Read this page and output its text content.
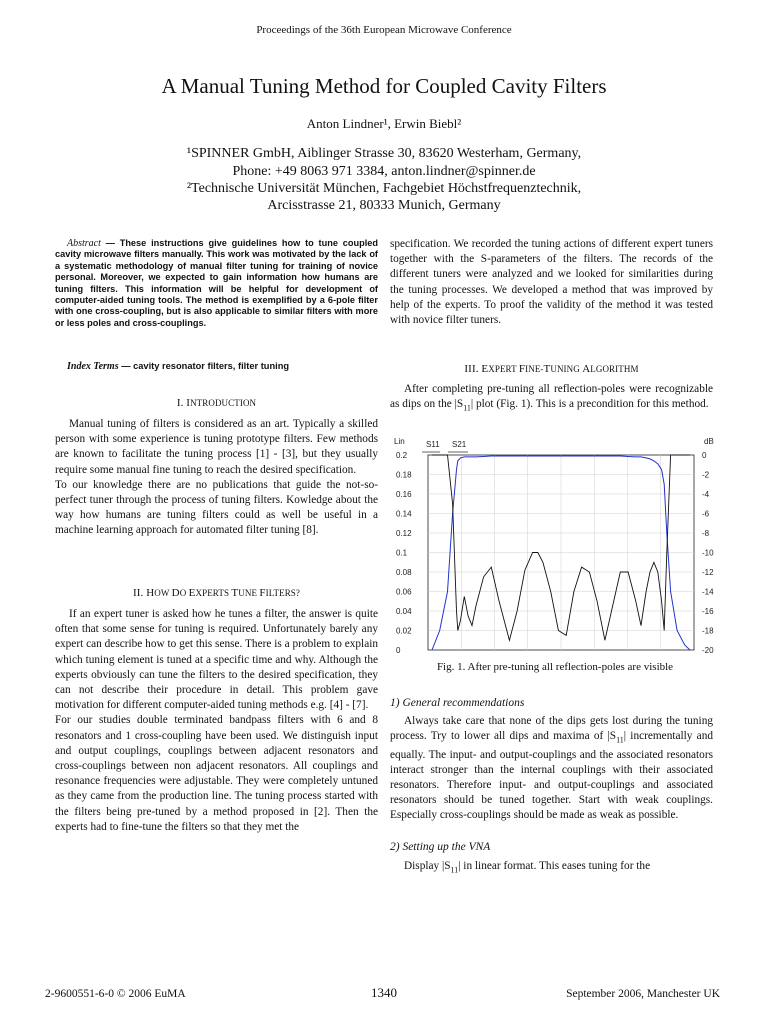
Proceedings of the 36th European Microwave Conference
A Manual Tuning Method for Coupled Cavity Filters
Anton Lindner¹, Erwin Biebl²
¹SPINNER GmbH, Aiblinger Strasse 30, 83620 Westerham, Germany,
Phone: +49 8063 971 3384, anton.lindner@spinner.de
²Technische Universität München, Fachgebiet Höchstfrequenztechnik,
Arcisstrasse 21, 80333 Munich, Germany
Abstract — These instructions give guidelines how to tune coupled cavity microwave filters manually. This work was motivated by the lack of a systematic methodology of manual filter tuning for training of novice personal. Moreover, we expected to gain information how humans are tuning filters. This information will be helpful for development of computer-aided tuning tools. The method is exemplified by a 6-pole filter with one cross-coupling, but is also applicable to similar filters with more or less poles and cross-couplings.
Index Terms — cavity resonator filters, filter tuning
I. INTRODUCTION

Manual tuning of filters is considered as an art. Typically a skilled person with some experience is tuning prototype filters. Few methods are known to facilitate the tuning process [1] - [3], but they usually require some manual fine tuning to reach the desired specification.

To our knowledge there are no publications that guide the not-so-perfect tuner through the process of tuning filters. Kowledge about the way how humans are tuning filters could as well be useful in a machine learning approach for automated filter tuning [8].

II. HOW DO EXPERTS TUNE FILTERS?

If an expert tuner is asked how he tunes a filter, the answer is quite often that some sense for tuning is required. Unfortunately barely any expert can describe how to get this sense. There is a problem to explain which tuning element is tuned at a specific time and why. Although the experts obviously can tune the filters to the desired specification, they can not describe their procedure in detail. This problem gave motivation for different computer-aided tuning methods e.g. [4] - [7].

For our studies double terminated bandpass filters with 6 and 8 resonators and 1 cross-coupling have been used. We distinguish input and output couplings, couplings between adjacent resonators and cross-couplings between non adjacent resonators. All couplings and resonance frequencies were adjustable. They were completely untuned as they came from the production line. The tuning process started with the filters being pre-tuned by a method proposed in [2]. Then the experts had to fine-tune the filters so that they met the

specification. We recorded the tuning actions of different expert tuners together with the S-parameters of the filters. The records of the different tuners were analyzed and we looked for similarities during the tuning processes. We developed a method that was improved by help of the experts. To proof the validity of the method it was tested with novice filter tuners.

III. EXPERT FINE-TUNING ALGORITHM

After completing pre-tuning all reflection-poles were recognizable as dips on the $|S_{11}|$ plot (Fig. 1). This is a precondition for this method.

Lin	dB
S11 S21
0.2
0.18
0.16
0.14
0.12
0.1
0.08
0.06
0.04
0.02
0
0
-2
-4
-6
-8
-10
-12
-14
-16
-18
-20
Fig. 1. After pre-tuning all reflection-poles are visible
1) General recommendations

Always take care that none of the dips gets lost during the tuning process. Try to lower all dips and maxima of $|S_{11}|$ incrementally and equally. The input- and output-couplings and the associated resonators interact stronger than the internal couplings with their associated resonators. Therefore input- and output-couplings and associated resonators should be tuned together. Start with weak couplings. Especially cross-couplings should be made as weak as possible.

2) Setting up the VNA

Display $|S_{11}|$ in linear format. This eases tuning for the

2-9600551-6-0 © 2006 EuMA	1340	September 2006, Manchester UK
